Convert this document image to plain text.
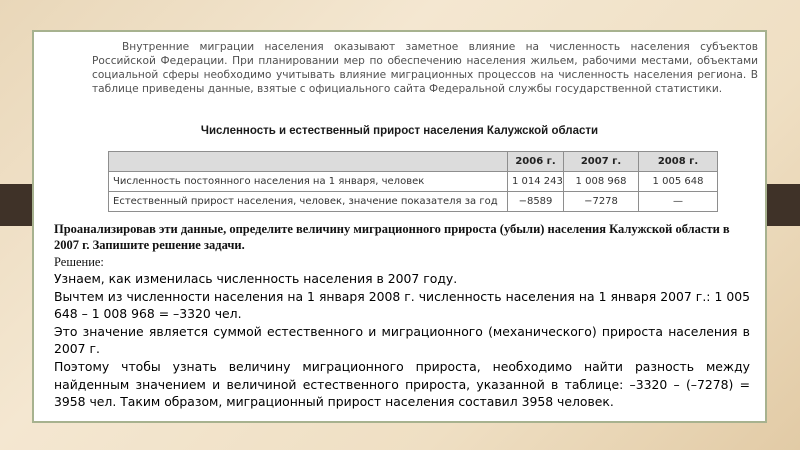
Внутренние миграции населения оказывают заметное влияние на численность населения субъектов Российской Федерации. При планировании мер по обеспечению населения жильем, рабочими местами, объектами социальной сферы необходимо учитывать влияние миграционных процессов на численность населения региона. В таблице приведены данные, взятые с официального сайта Федеральной службы государственной статистики.

Численность и естественный прирост населения Калужской области
	2006 г.	2007 г.	2008 г.
Численность постоянного населения на 1 января, человек	1 014 243	1 008 968	1 005 648
Естественный прирост населения, человек, значение показателя за год	−8589	−7278	—

Проанализировав эти данные, определите величину миграционного прироста (убыли) населения Калужской области в 2007 г. Запишите решение задачи.

Решение:

Узнаем, как изменилась численность населения в 2007 году.

Вычтем из численности населения на 1 января 2008 г. численность населения на 1 января 2007 г.: 1 005 648 – 1 008 968 = –3320 чел.

Это значение является суммой естественного и миграционного (механического) прироста населения в 2007 г.

Поэтому чтобы узнать величину миграционного прироста, необходимо найти разность между найденным значением и величиной естественного прироста, указанной в таблице: –3320 – (–7278) = 3958 чел. Таким образом, миграционный прирост населения составил 3958 человек.
